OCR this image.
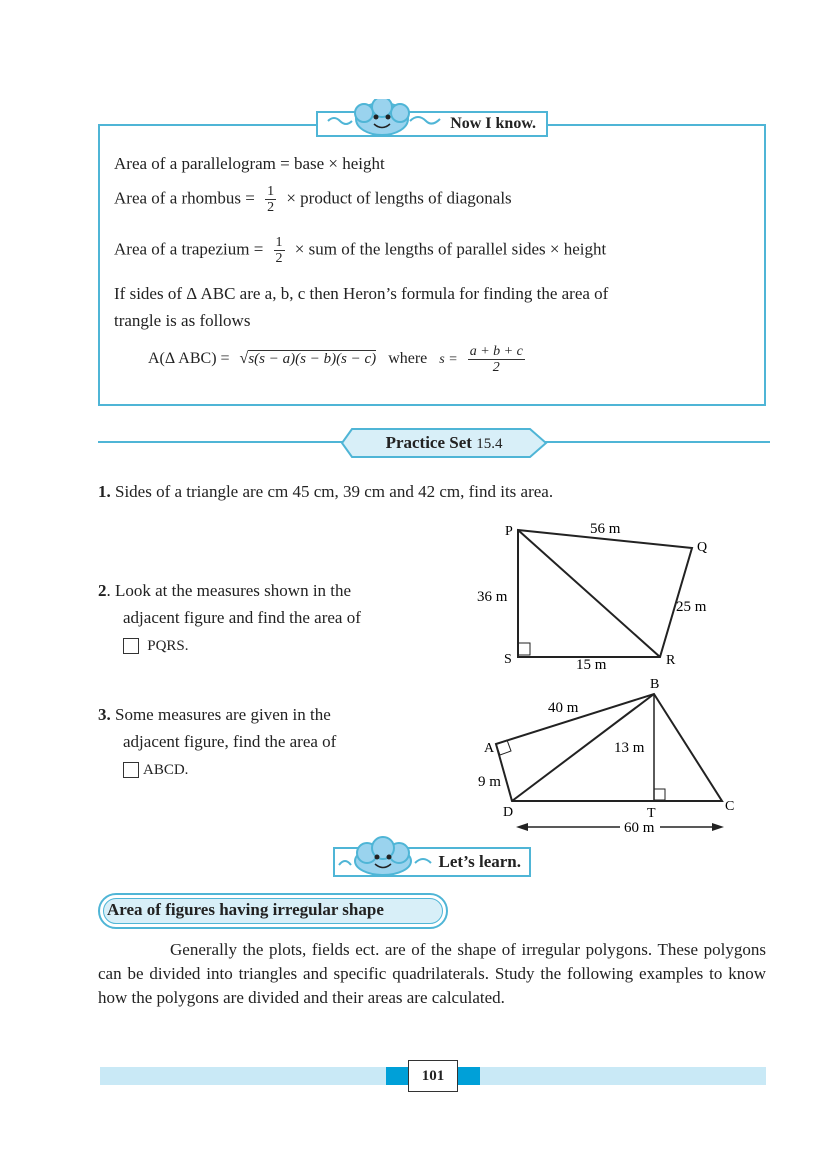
Now I know.
Area of a parallelogram = base × height
Area of a rhombus = $\frac{1}{2}$ × product of lengths of diagonals
Area of a trapezium = $\frac{1}{2}$ × sum of the lengths of parallel sides × height
If sides of Δ ABC are a, b, c then Heron’s formula for finding the area of
trangle is as follows
A(Δ ABC) = √s(s − a)(s − b)(s − c) where $s = \frac{a + b + c}{2}$
Practice Set 15.4
1. Sides of a triangle are cm 45 cm, 39 cm and 42 cm, find its area.
2. Look at the measures shown in the
adjacent figure and find the area of
PQRS.
3. Some measures are given in the
adjacent figure, find the area of
ABCD.
P
Q
R
S
56 m
36 m
25 m
15 m
B
A
D	C
T
40 m
9 m
13 m
60 m
Let’s learn.
Area of figures having irregular shape
Generally the plots, fields ect. are of the shape of irregular polygons. These polygons can be divided into triangles and specific quadrilaterals. Study the following examples to know how the polygons are divided and their areas are calculated.
101
